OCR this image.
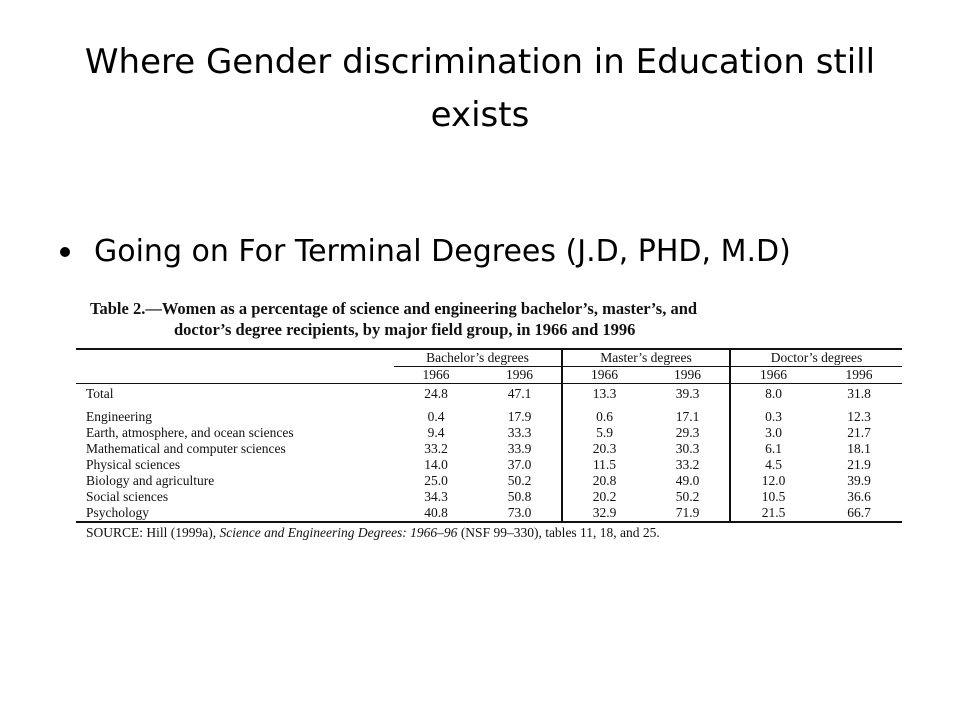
Where Gender discrimination in Education still exists
Going on For Terminal Degrees (J.D, PHD, M.D)
Table 2.—Women as a percentage of science and engineering bachelor’s, master’s, and
doctor’s degree recipients, by major field group, in 1966 and 1996
	Bachelor’s degrees		Master’s degrees		Doctor’s degrees	
	1966	1996	1966	1996	1966	1996
Total	24.8	47.1	13.3	39.3	8.0	31.8
Engineering	0.4	17.9	0.6	17.1	0.3	12.3
Earth, atmosphere, and ocean sciences	9.4	33.3	5.9	29.3	3.0	21.7
Mathematical and computer sciences	33.2	33.9	20.3	30.3	6.1	18.1
Physical sciences	14.0	37.0	11.5	33.2	4.5	21.9
Biology and agriculture	25.0	50.2	20.8	49.0	12.0	39.9
Social sciences	34.3	50.8	20.2	50.2	10.5	36.6
Psychology	40.8	73.0	32.9	71.9	21.5	66.7
SOURCE: Hill (1999a), Science and Engineering Degrees: 1966–96 (NSF 99–330), tables 11, 18, and 25.
